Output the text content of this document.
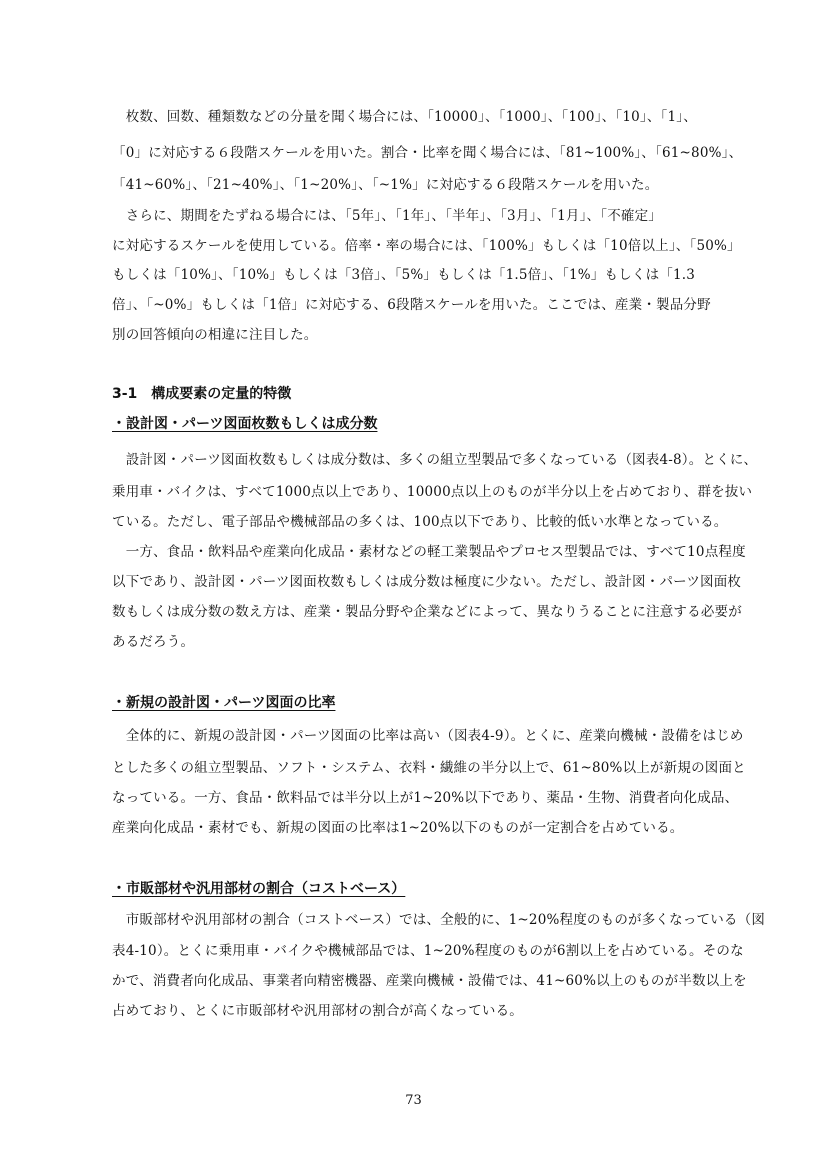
　枚数、回数、種類数などの分量を聞く場合には、「10000」、「1000」、「100」、「10」、「1」、
「0」に対応する６段階スケールを用いた。割合・比率を聞く場合には、「81~100%」、「61~80%」、
「41~60%」、「21~40%」、「1~20%」、「~1%」に対応する６段階スケールを用いた。
　さらに、期間をたずねる場合には、「5年」、「1年」、「半年」、「3月」、「1月」、「不確定」
に対応するスケールを使用している。倍率・率の場合には、「100%」もしくは「10倍以上」、「50%」
もしくは「10%」、「10%」もしくは「3倍」、「5%」もしくは「1.5倍」、「1%」もしくは「1.3
倍」、「~0%」もしくは「1倍」に対応する、6段階スケールを用いた。ここでは、産業・製品分野
別の回答傾向の相違に注目した。
3-1　構成要素の定量的特徴
・設計図・パーツ図面枚数もしくは成分数
　設計図・パーツ図面枚数もしくは成分数は、多くの組立型製品で多くなっている（図表4-8）。とくに、
乗用車・バイクは、すべて1000点以上であり、10000点以上のものが半分以上を占めており、群を抜い
ている。ただし、電子部品や機械部品の多くは、100点以下であり、比較的低い水準となっている。
　一方、食品・飲料品や産業向化成品・素材などの軽工業製品やプロセス型製品では、すべて10点程度
以下であり、設計図・パーツ図面枚数もしくは成分数は極度に少ない。ただし、設計図・パーツ図面枚
数もしくは成分数の数え方は、産業・製品分野や企業などによって、異なりうることに注意する必要が
あるだろう。
・新規の設計図・パーツ図面の比率
　全体的に、新規の設計図・パーツ図面の比率は高い（図表4-9）。とくに、産業向機械・設備をはじめ
とした多くの組立型製品、ソフト・システム、衣料・繊維の半分以上で、61~80%以上が新規の図面と
なっている。一方、食品・飲料品では半分以上が1~20%以下であり、薬品・生物、消費者向化成品、
産業向化成品・素材でも、新規の図面の比率は1~20%以下のものが一定割合を占めている。
・市販部材や汎用部材の割合（コストベース）
　市販部材や汎用部材の割合（コストベース）では、全般的に、1~20%程度のものが多くなっている（図
表4-10）。とくに乗用車・バイクや機械部品では、1~20%程度のものが6割以上を占めている。そのな
かで、消費者向化成品、事業者向精密機器、産業向機械・設備では、41~60%以上のものが半数以上を
占めており、とくに市販部材や汎用部材の割合が高くなっている。
73
